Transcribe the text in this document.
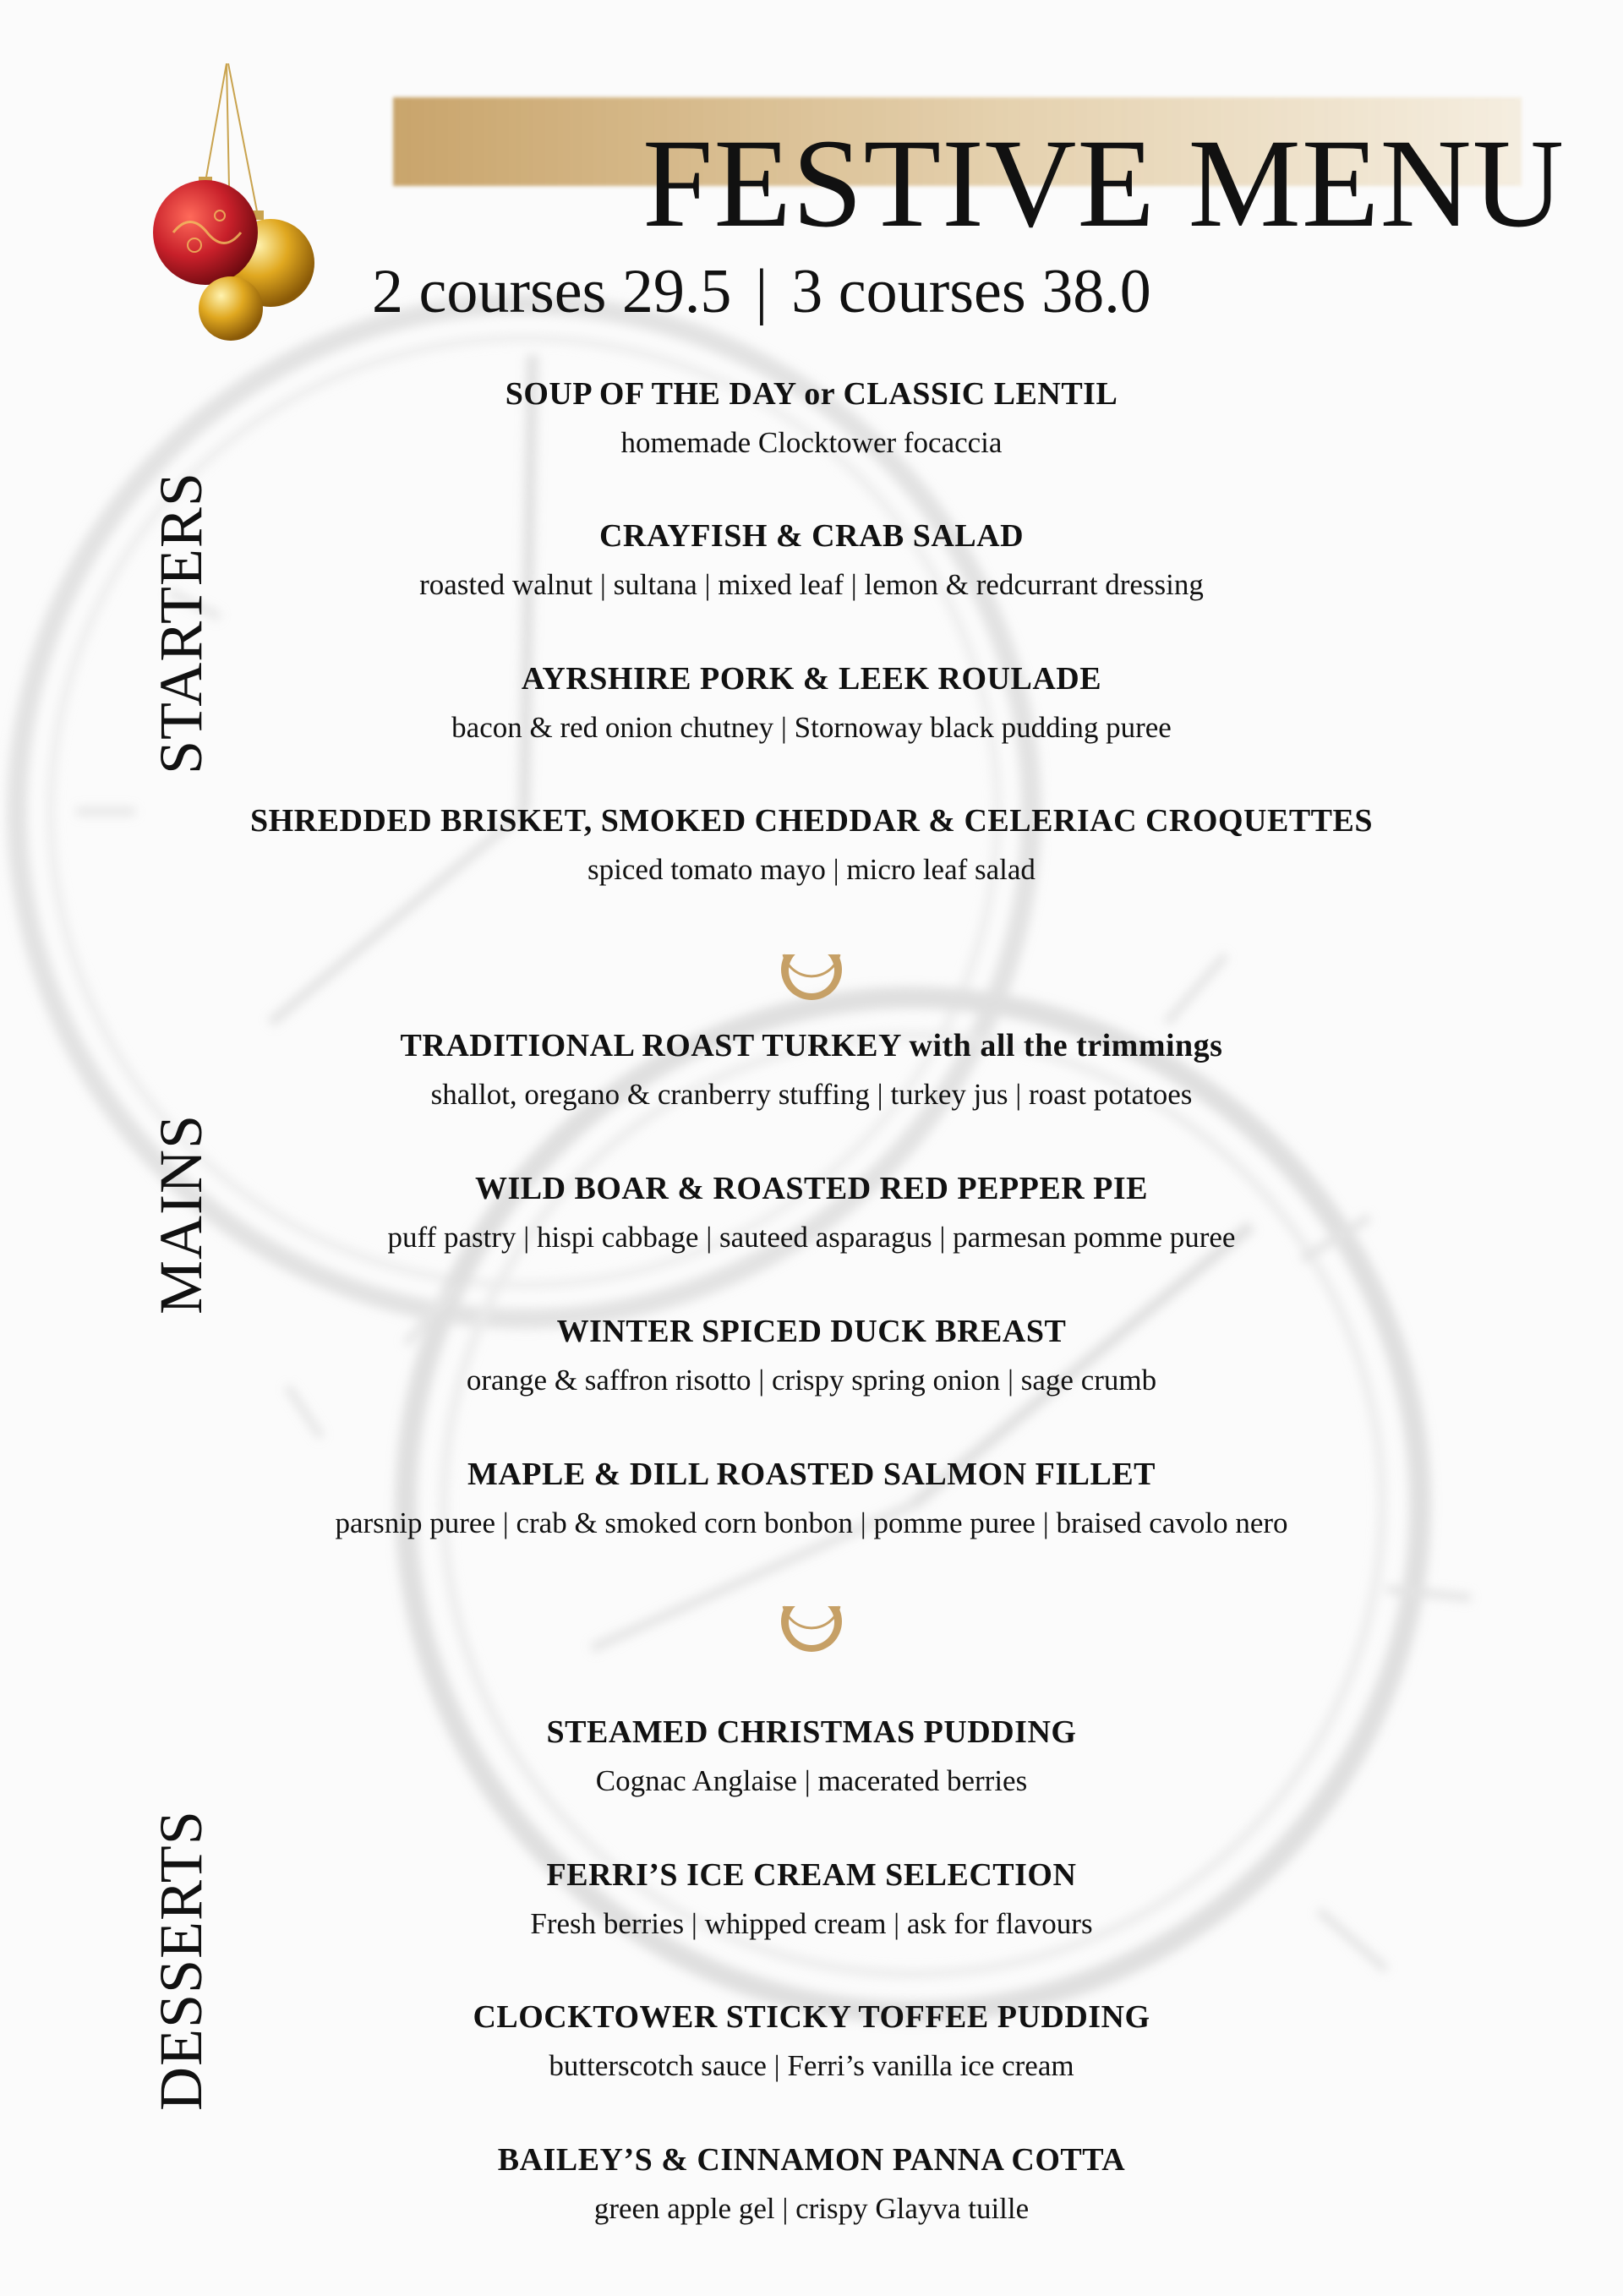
FESTIVE MENU
2 courses 29.5 | 3 courses 38.0
STARTERS
MAINS
DESSERTS
SOUP OF THE DAY or CLASSIC LENTIL
homemade Clocktower focaccia
CRAYFISH & CRAB SALAD
roasted walnut | sultana | mixed leaf | lemon & redcurrant dressing
AYRSHIRE PORK & LEEK ROULADE
bacon & red onion chutney | Stornoway black pudding puree
SHREDDED BRISKET, SMOKED CHEDDAR & CELERIAC CROQUETTES
spiced tomato mayo | micro leaf salad
TRADITIONAL ROAST TURKEY with all the trimmings
shallot, oregano & cranberry stuffing | turkey jus | roast potatoes
WILD BOAR & ROASTED RED PEPPER PIE
puff pastry | hispi cabbage | sauteed asparagus | parmesan pomme puree
WINTER SPICED DUCK BREAST
orange & saffron risotto | crispy spring onion | sage crumb
MAPLE & DILL ROASTED SALMON FILLET
parsnip puree | crab & smoked corn bonbon | pomme puree | braised cavolo nero
STEAMED CHRISTMAS PUDDING
Cognac Anglaise | macerated berries
FERRI’S ICE CREAM SELECTION
Fresh berries | whipped cream | ask for flavours
CLOCKTOWER STICKY TOFFEE PUDDING
butterscotch sauce | Ferri’s vanilla ice cream
BAILEY’S & CINNAMON PANNA COTTA
green apple gel | crispy Glayva tuille
